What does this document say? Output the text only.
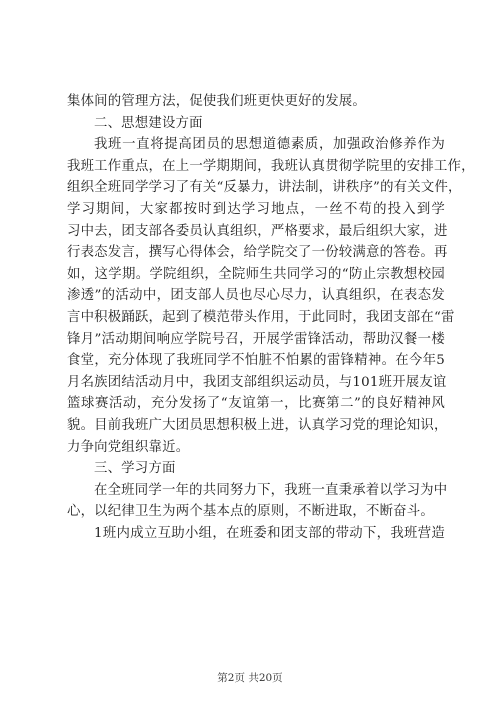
集体间的管理方法，促使我们班更快更好的发展。
二、思想建设方面
我班一直将提高团员的思想道德素质，加强政治修养作为
我班工作重点，在上一学期期间，我班认真贯彻学院里的安排工作，
组织全班同学学习了有关“反暴力，讲法制，讲秩序”的有关文件，
学习期间，大家都按时到达学习地点，一丝不苟的投入到学
习中去，团支部各委员认真组织，严格要求，最后组织大家，进
行表态发言，撰写心得体会，给学院交了一份较满意的答卷。再
如，这学期。学院组织，全院师生共同学习的“防止宗教想校园
渗透”的活动中，团支部人员也尽心尽力，认真组织，在表态发
言中积极踊跃，起到了模范带头作用，于此同时，我团支部在“雷
锋月”活动期间响应学院号召，开展学雷锋活动，帮助汉餐一楼
食堂，充分体现了我班同学不怕脏不怕累的雷锋精神。在今年5
月名族团结活动月中，我团支部组织运动员，与101班开展友谊
篮球赛活动，充分发扬了“友谊第一，比赛第二”的良好精神风
貌。目前我班广大团员思想积极上进，认真学习党的理论知识，
力争向党组织靠近。
三、学习方面
在全班同学一年的共同努力下，我班一直秉承着以学习为中
心，以纪律卫生为两个基本点的原则，不断进取，不断奋斗。
1班内成立互助小组，在班委和团支部的带动下，我班营造
第2页 共20页
